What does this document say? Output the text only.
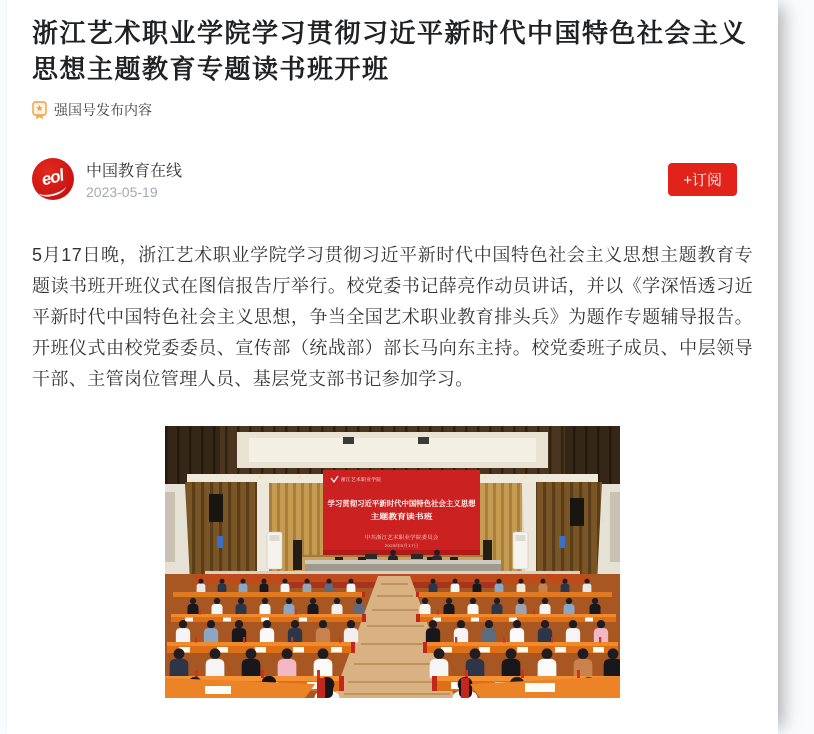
浙江艺术职业学院学习贯彻习近平新时代中国特色社会主义思想主题教育专题读书班开班
强国号发布内容
eol 中国教育在线
2023-05-19
+订阅

5月17日晚，浙江艺术职业学院学习贯彻习近平新时代中国特色社会主义思想主题教育专题读书班开班仪式在图信报告厅举行。校党委书记薛亮作动员讲话，并以《学深悟透习近平新时代中国特色社会主义思想，争当全国艺术职业教育排头兵》为题作专题辅导报告。开班仪式由校党委委员、宣传部（统战部）部长马向东主持。校党委班子成员、中层领导干部、主管岗位管理人员、基层党支部书记参加学习。

浙江艺术职业学院
学习贯彻习近平新时代中国特色社会主义思想
主题教育读书班
中共浙江艺术职业学院委员会
2023年5月17日
